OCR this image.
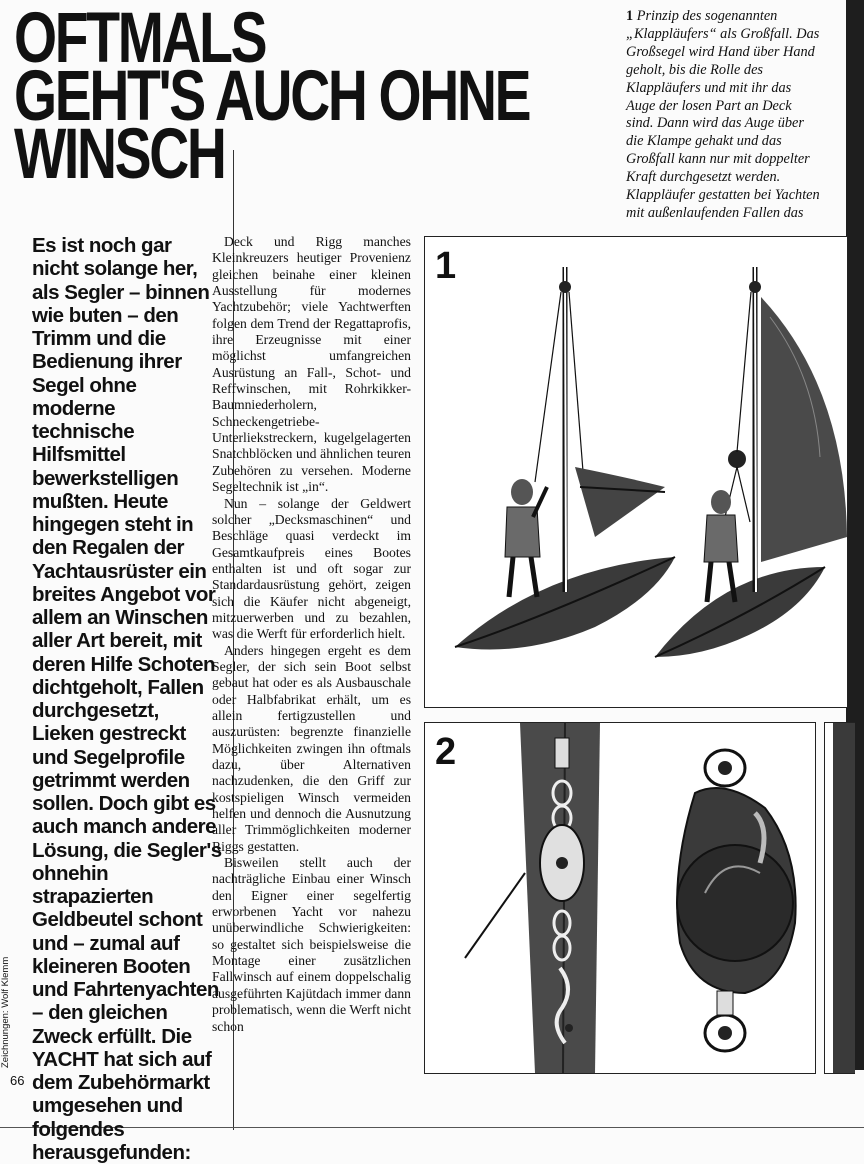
OFTMALS
GEHT'S AUCH OHNE
WINSCH
1 Prinzip des sogenannten „Klappläufers“ als Großfall. Das Großsegel wird Hand über Hand geholt, bis die Rolle des Klappläufers und mit ihr das Auge der losen Part an Deck sind. Dann wird das Auge über die Klampe gehakt und das Großfall kann nur mit doppelter Kraft durchgesetzt werden. Klappläufer gestatten bei Yachten mit außenlaufenden Fallen das
Es ist noch gar nicht solange her, als Segler – binnen wie buten – den Trimm und die Bedienung ihrer Segel ohne moderne technische Hilfsmittel bewerkstelligen mußten. Heute hingegen steht in den Regalen der Yachtausrüster ein breites Angebot vor allem an Winschen aller Art bereit, mit deren Hilfe Schoten dichtgeholt, Fallen durchgesetzt, Lieken gestreckt und Segelprofile getrimmt werden sollen. Doch gibt es auch manch andere Lösung, die Segler's ohnehin strapazierten Geldbeutel schont und – zumal auf kleineren Booten und Fahrtenyachten – den gleichen Zweck erfüllt. Die YACHT hat sich auf dem Zubehörmarkt umgesehen und folgendes herausgefunden:

Deck und Rigg manches Kleinkreuzers heutiger Provenienz gleichen beinahe einer kleinen Ausstellung für modernes Yachtzubehör; viele Yachtwerften folgen dem Trend der Regattaprofis, ihre Erzeugnisse mit einer möglichst umfangreichen Ausrüstung an Fall-, Schot- und Reffwinschen, mit Rohrkikker-Baumniederholern, Schneckengetriebe-Unterliekstreckern, kugelgelagerten Snatchblöcken und ähnlichen teuren Zubehören zu versehen. Moderne Segeltechnik ist „in“.

Nun – solange der Geldwert solcher „Decksmaschinen“ und Beschläge quasi verdeckt im Gesamtkaufpreis eines Bootes enthalten ist und oft sogar zur Standardausrüstung gehört, zeigen sich die Käufer nicht abgeneigt, mitzuerwerben und zu bezahlen, was die Werft für erforderlich hielt.

Anders hingegen ergeht es dem Segler, der sich sein Boot selbst gebaut hat oder es als Ausbauschale oder Halbfabrikat erhält, um es allein fertigzustellen und auszurüsten: begrenzte finanzielle Möglichkeiten zwingen ihn oftmals dazu, über Alternativen nachzudenken, die den Griff zur kostspieligen Winsch vermeiden helfen und dennoch die Ausnutzung aller Trimmöglichkeiten moderner Riggs gestatten.

Bisweilen stellt auch der nachträgliche Einbau einer Winsch den Eigner einer segelfertig erworbenen Yacht vor nahezu unüberwindliche Schwierigkeiten: so gestaltet sich beispielsweise die Montage einer zusätzlichen Fallwinsch auf einem doppelschalig ausgeführten Kajütdach immer dann problematisch, wenn die Werft nicht schon

Zeichnungen: Wolf Klemm
66
1
2
